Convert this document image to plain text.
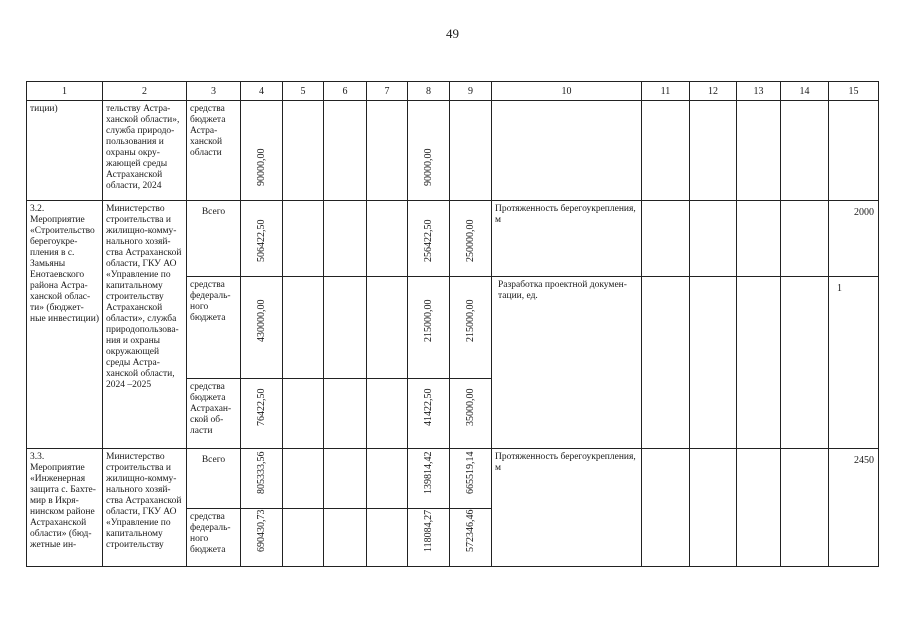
49
1	2	3	4	5	6	7	8	9	10	11	12	13	14	15

тиции)	тельству Астра-ханской области», служба природо-пользования и охраны окру-жающей среды Астраханской области, 2024	средства бюджета Астра-ханской области	90000,00				90000,00							

3.2. Мероприятие «Строительство берегоукре-пления в с. Замьяны Енотаевского района Астра-ханской облас-ти» (бюджет-ные инвестиции)	Министерство строительства и жилищно-комму-нального хозяй-ства Астраханской области, ГКУ АО «Управление по капитальному строительству Астраханской области», служба природопользова-ния и охраны окружающей среды Астра-ханской области, 2024 –2025	Всего	506422,50				256422,50	250000,00	Протяженность берегоукрепления, м					2000

		средства федераль-ного бюджета	430000,00				215000,00	215000,00	Разработка проектной докумен-тации, ед.					1

		средства бюджета Астрахан-ской об-ласти	76422,50				41422,50	35000,00						

3.3. Мероприятие «Инженерная защита с. Бахте-мир в Икря-нинском районе Астраханской области» (бюд-жетные ин-	Министерство строительства и жилищно-комму-нального хозяй-ства Астраханской области, ГКУ АО «Управление по капитальному строительству	Всего	805333,56				139814,42	665519,14	Протяженность берегоукрепления, м					2450

		средства федераль-ного бюджета	690430,73				118084,27	572346,46						
